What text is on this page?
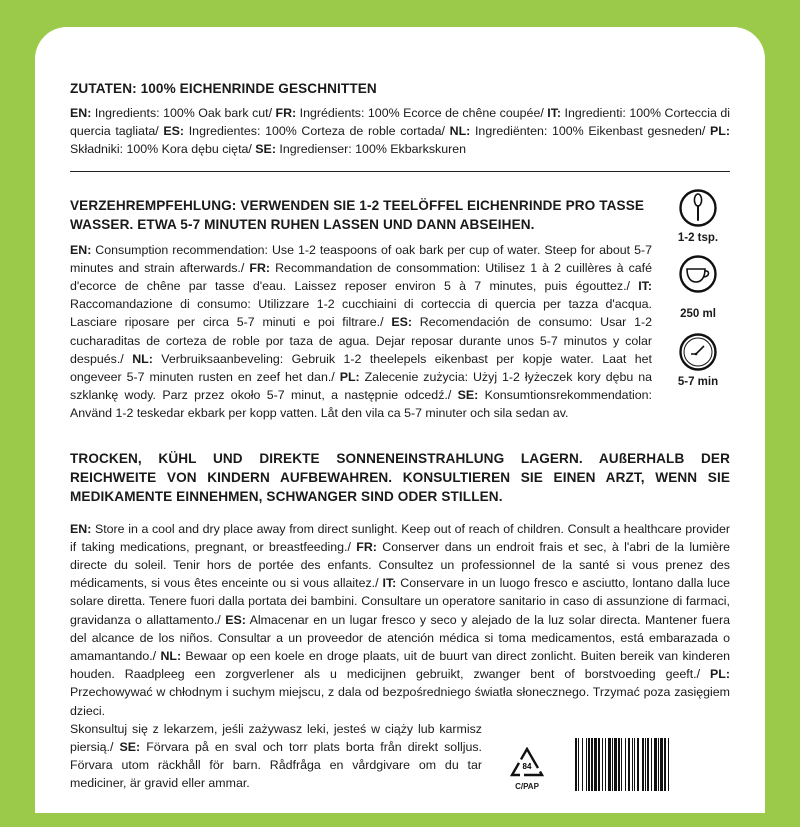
ZUTATEN: 100% EICHENRINDE GESCHNITTEN

EN: Ingredients: 100% Oak bark cut/ FR: Ingrédients: 100% Ecorce de chêne coupée/ IT: Ingredienti: 100% Corteccia di quercia tagliata/ ES: Ingredientes: 100% Corteza de roble cortada/ NL: Ingrediënten: 100% Eikenbast gesneden/ PL: Składniki: 100% Kora dębu cięta/ SE: Ingredienser: 100% Ekbarkskuren

VERZEHREMPFEHLUNG: VERWENDEN SIE 1-2 TEELÖFFEL EICHENRINDE PRO TASSE WASSER. ETWA 5-7 MINUTEN RUHEN LASSEN UND DANN ABSEIHEN.

EN: Consumption recommendation: Use 1-2 teaspoons of oak bark per cup of water. Steep for about 5-7 minutes and strain afterwards./ FR: Recommandation de consommation: Utilisez 1 à 2 cuillères à café d'ecorce de chêne par tasse d'eau. Laissez reposer environ 5 à 7 minutes, puis égouttez./ IT: Raccomandazione di consumo: Utilizzare 1-2 cucchiaini di corteccia di quercia per tazza d'acqua. Lasciare riposare per circa 5-7 minuti e poi filtrare./ ES: Recomendación de consumo: Usar 1-2 cucharaditas de corteza de roble por taza de agua. Dejar reposar durante unos 5-7 minutos y colar después./ NL: Verbruiksaanbeveling: Gebruik 1-2 theelepels eikenbast per kopje water. Laat het ongeveer 5-7 minuten rusten en zeef het dan./ PL: Zalecenie zużycia: Użyj 1-2 łyżeczek kory dębu na szklankę wody. Parz przez około 5-7 minut, a następnie odcedź./ SE: Konsumtionsrekommendation: Använd 1-2 teskedar ekbark per kopp vatten. Låt den vila ca 5-7 minuter och sila sedan av.

1-2 tsp.
250 ml
5-7 min
TROCKEN, KÜHL UND DIREKTE SONNENEINSTRAHLUNG LAGERN. AUßERHALB DER REICHWEITE VON KINDERN AUFBEWAHREN. KONSULTIEREN SIE EINEN ARZT, WENN SIE MEDIKAMENTE EINNEHMEN, SCHWANGER SIND ODER STILLEN.

EN: Store in a cool and dry place away from direct sunlight. Keep out of reach of children. Consult a healthcare provider if taking medications, pregnant, or breastfeeding./ FR: Conserver dans un endroit frais et sec, à l'abri de la lumière directe du soleil. Tenir hors de portée des enfants. Consultez un professionnel de la santé si vous prenez des médicaments, si vous êtes enceinte ou si vous allaitez./ IT: Conservare in un luogo fresco e asciutto, lontano dalla luce solare diretta. Tenere fuori dalla portata dei bambini. Consultare un operatore sanitario in caso di assunzione di farmaci, gravidanza o allattamento./ ES: Almacenar en un lugar fresco y seco y alejado de la luz solar directa. Mantener fuera del alcance de los niños. Consultar a un proveedor de atención médica si toma medicamentos, está embarazada o amamantando./ NL: Bewaar op een koele en droge plaats, uit de buurt van direct zonlicht. Buiten bereik van kinderen houden. Raadpleeg een zorgverlener als u medicijnen gebruikt, zwanger bent of borstvoeding geeft./ PL: Przechowywać w chłodnym i suchym miejscu, z dala od bezpośredniego światła słonecznego. Trzymać poza zasięgiem dzieci.

Skonsultuj się z lekarzem, jeśli zażywasz leki, jesteś w ciąży lub karmisz piersią./ SE: Förvara på en sval och torr plats borta från direkt solljus. Förvara utom räckhåll för barn. Rådfråga en vårdgivare om du tar mediciner, är gravid eller ammar.

84
C/PAP
